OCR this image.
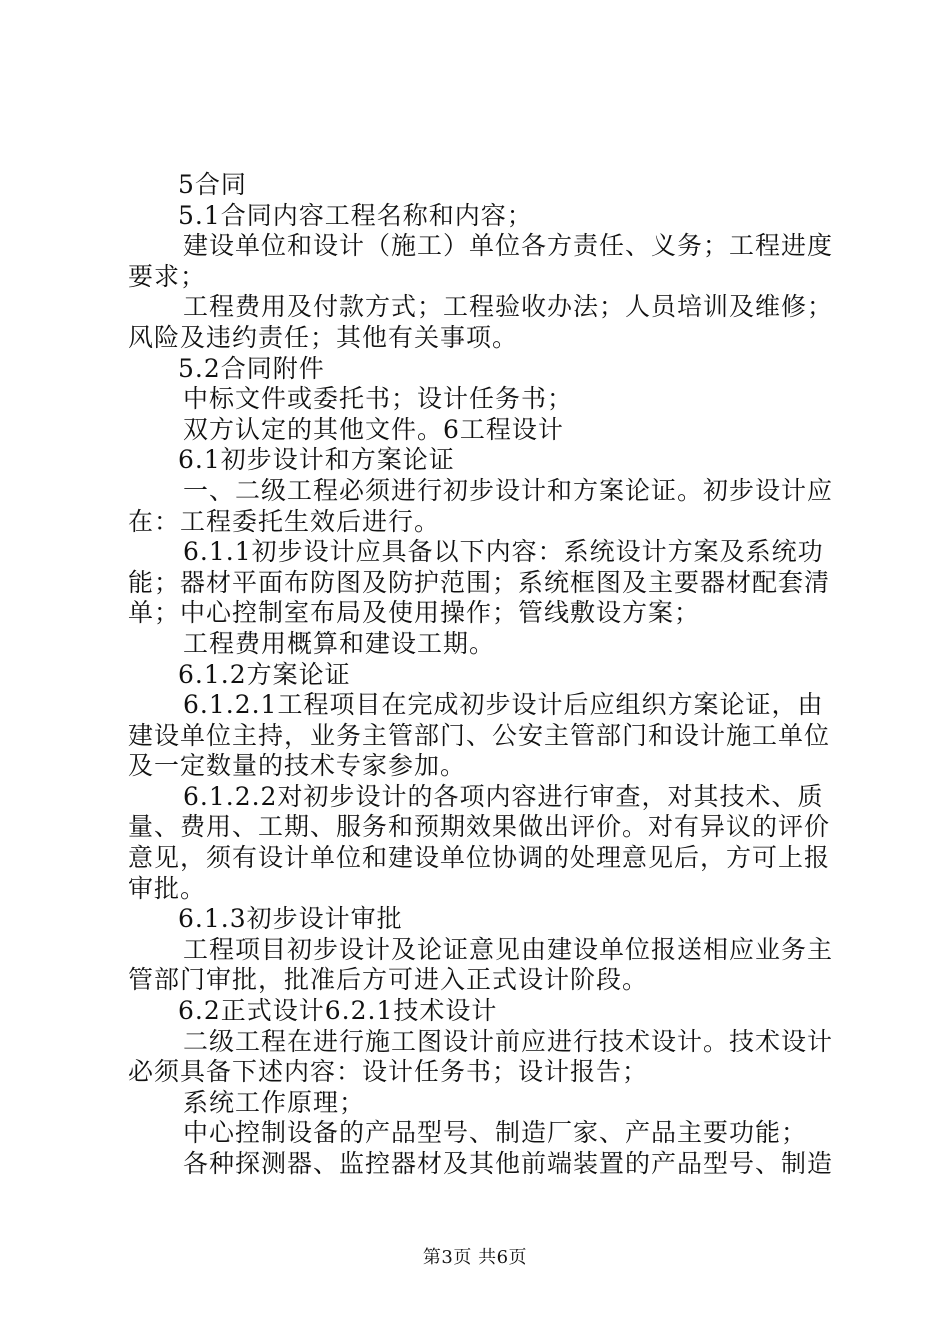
5合同

5.1合同内容工程名称和内容；

建设单位和设计（施工）单位各方责任、义务；工程进度要求；

工程费用及付款方式；工程验收办法；人员培训及维修；风险及违约责任；其他有关事项。

5.2合同附件

中标文件或委托书；设计任务书；

双方认定的其他文件。6工程设计

6.1初步设计和方案论证

一、二级工程必须进行初步设计和方案论证。初步设计应在：工程委托生效后进行。

6.1.1初步设计应具备以下内容：系统设计方案及系统功能；器材平面布防图及防护范围；系统框图及主要器材配套清单；中心控制室布局及使用操作；管线敷设方案；

工程费用概算和建设工期。

6.1.2方案论证

6.1.2.1工程项目在完成初步设计后应组织方案论证，由建设单位主持，业务主管部门、公安主管部门和设计施工单位及一定数量的技术专家参加。

6.1.2.2对初步设计的各项内容进行审查，对其技术、质量、费用、工期、服务和预期效果做出评价。对有异议的评价意见，须有设计单位和建设单位协调的处理意见后，方可上报审批。

6.1.3初步设计审批

工程项目初步设计及论证意见由建设单位报送相应业务主管部门审批，批准后方可进入正式设计阶段。

6.2正式设计6.2.1技术设计

二级工程在进行施工图设计前应进行技术设计。技术设计必须具备下述内容：设计任务书；设计报告；

系统工作原理；

中心控制设备的产品型号、制造厂家、产品主要功能；

各种探测器、监控器材及其他前端装置的产品型号、制造

第3页 共6页
